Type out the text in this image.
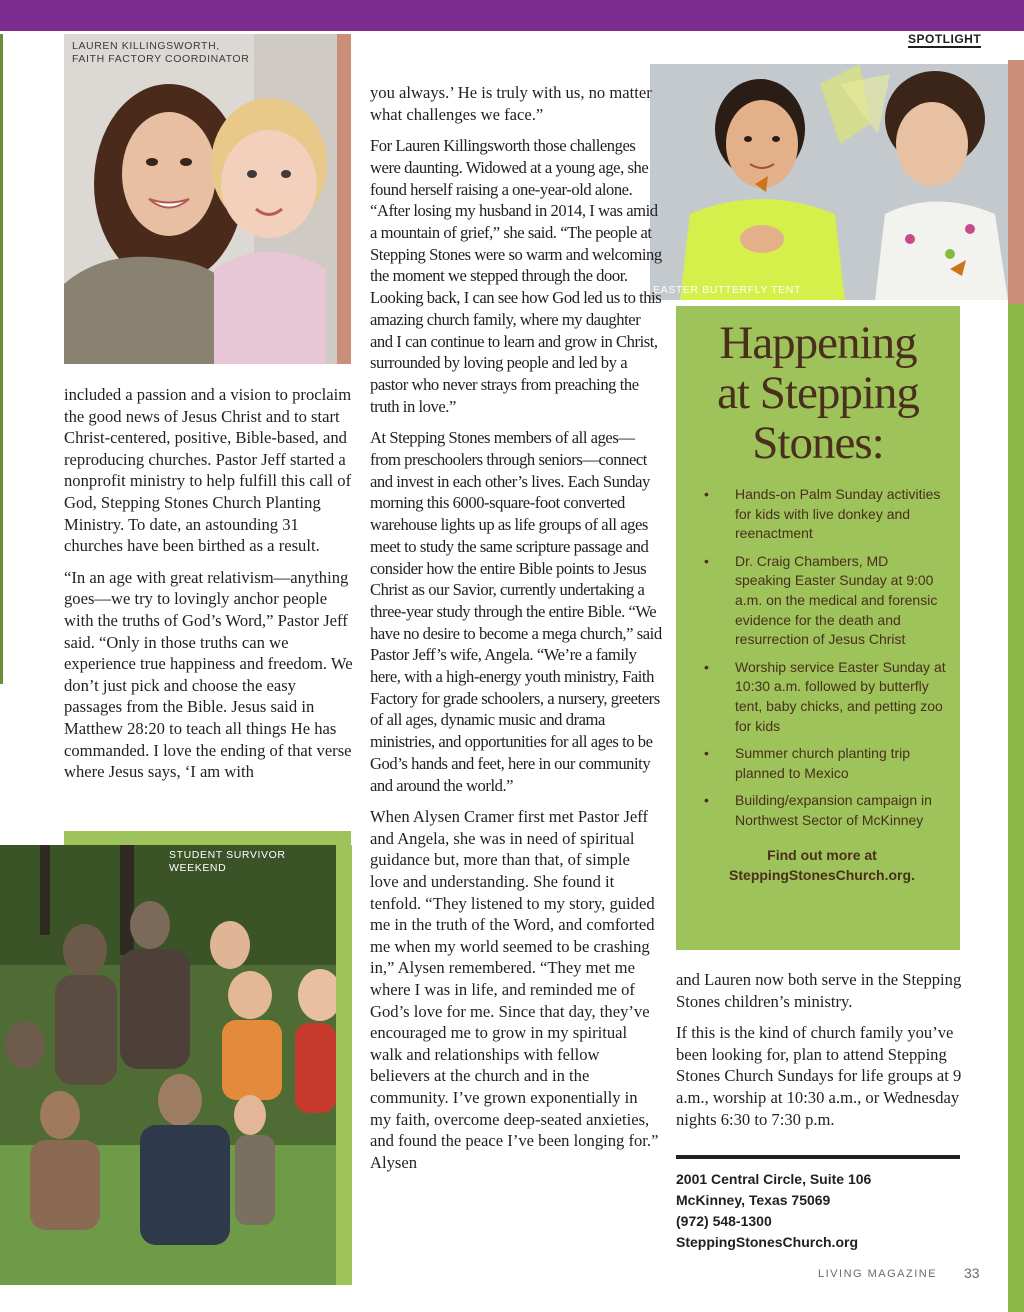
SPOTLIGHT
LAUREN KILLINGSWORTH,
FAITH FACTORY COORDINATOR
STUDENT SURVIVOR WEEKEND
EASTER BUTTERFLY TENT

included a passion and a vision to proclaim the good news of Jesus Christ and to start Christ-centered, positive, Bible-based, and reproducing churches. Pastor Jeff started a nonprofit ministry to help fulfill this call of God, Stepping Stones Church Planting Ministry. To date, an astounding 31 churches have been birthed as a result.

“In an age with great relativism—anything goes—we try to lovingly anchor people with the truths of God’s Word,” Pastor Jeff said. “Only in those truths can we experience true happiness and freedom. We don’t just pick and choose the easy passages from the Bible. Jesus said in Matthew 28:20 to teach all things He has commanded. I love the ending of that verse where Jesus says, ‘I am with

you always.’ He is truly with us, no matter what challenges we face.”

For Lauren Killingsworth those challenges were daunting. Widowed at a young age, she found herself raising a one-year-old alone. “After losing my husband in 2014, I was amid a mountain of grief,” she said. “The people at Stepping Stones were so warm and welcoming the moment we stepped through the door. Looking back, I can see how God led us to this amazing church family, where my daughter and I can continue to learn and grow in Christ, surrounded by loving people and led by a pastor who never strays from preaching the truth in love.”

At Stepping Stones members of all ages—from preschoolers through seniors—connect and invest in each other’s lives. Each Sunday morning this 6000-square-foot converted warehouse lights up as life groups of all ages meet to study the same scripture passage and consider how the entire Bible points to Jesus Christ as our Savior, currently undertaking a three-year study through the entire Bible. “We have no desire to become a mega church,” said Pastor Jeff’s wife, Angela. “We’re a family here, with a high-energy youth ministry, Faith Factory for grade schoolers, a nursery, greeters of all ages, dynamic music and drama ministries, and opportunities for all ages to be God’s hands and feet, here in our community and around the world.”

When Alysen Cramer first met Pastor Jeff and Angela, she was in need of spiritual guidance but, more than that, of simple love and understanding. She found it tenfold. “They listened to my story, guided me in the truth of the Word, and comforted me when my world seemed to be crashing in,” Alysen remembered. “They met me where I was in life, and reminded me of God’s love for me. Since that day, they’ve encouraged me to grow in my spiritual walk and relationships with fellow believers at the church and in the community. I’ve grown exponentially in my faith, overcome deep-seated anxieties, and found the peace I’ve been longing for.” Alysen

and Lauren now both serve in the Stepping Stones children’s ministry.

If this is the kind of church family you’ve been looking for, plan to attend Stepping Stones Church Sundays for life groups at 9 a.m., worship at 10:30 a.m., or Wednesday nights 6:30 to 7:30 p.m.

Happening
at Stepping
Stones:
• Hands-on Palm Sunday activities for kids with live donkey and reenactment
• Dr. Craig Chambers, MD speaking Easter Sunday at 9:00 a.m. on the medical and forensic evidence for the death and resurrection of Jesus Christ
• Worship service Easter Sunday at 10:30 a.m. followed by butterfly tent, baby chicks, and petting zoo for kids
• Summer church planting trip planned to Mexico
• Building/expansion campaign in Northwest Sector of McKinney
Find out more at
SteppingStonesChurch.org.
2001 Central Circle, Suite 106
McKinney, Texas 75069
(972) 548-1300
SteppingStonesChurch.org
LIVING MAGAZINE 33
